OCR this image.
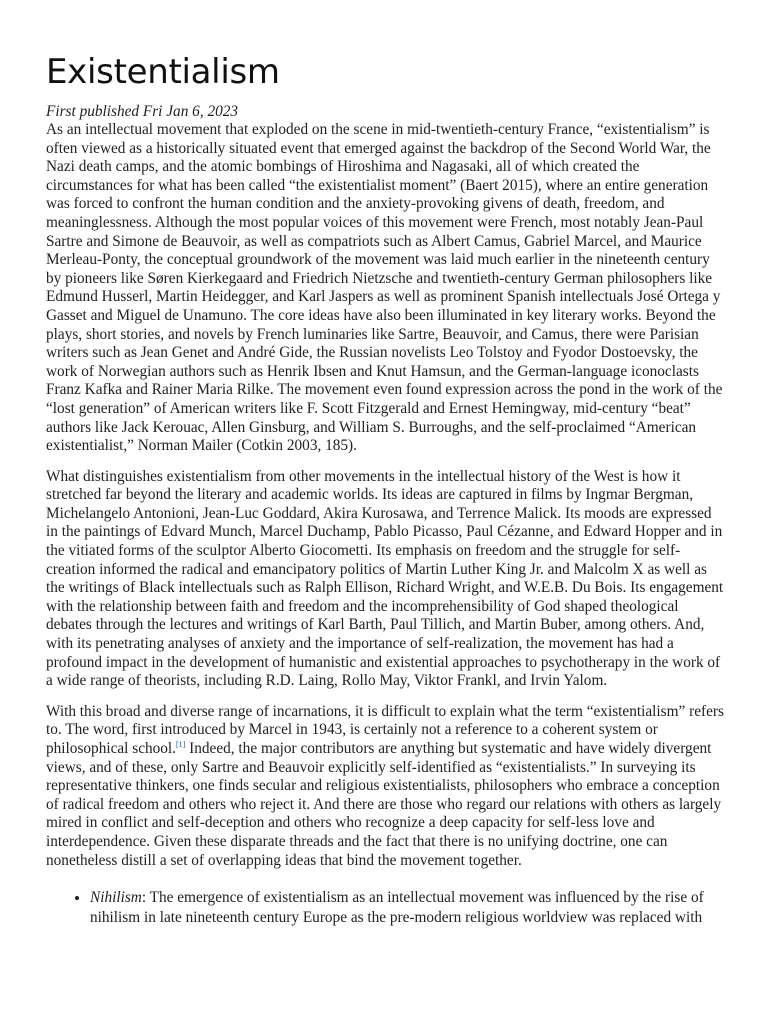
Existentialism

First published Fri Jan 6, 2023

As an intellectual movement that exploded on the scene in mid-twentieth-century France, “existentialism” is often viewed as a historically situated event that emerged against the backdrop of the Second World War, the Nazi death camps, and the atomic bombings of Hiroshima and Nagasaki, all of which created the circumstances for what has been called “the existentialist moment” (Baert 2015), where an entire generation was forced to confront the human condition and the anxiety-provoking givens of death, freedom, and meaninglessness. Although the most popular voices of this movement were French, most notably Jean-Paul Sartre and Simone de Beauvoir, as well as compatriots such as Albert Camus, Gabriel Marcel, and Maurice Merleau-Ponty, the conceptual groundwork of the movement was laid much earlier in the nineteenth century by pioneers like Søren Kierkegaard and Friedrich Nietzsche and twentieth-century German philosophers like Edmund Husserl, Martin Heidegger, and Karl Jaspers as well as prominent Spanish intellectuals José Ortega y Gasset and Miguel de Unamuno. The core ideas have also been illuminated in key literary works. Beyond the plays, short stories, and novels by French luminaries like Sartre, Beauvoir, and Camus, there were Parisian writers such as Jean Genet and André Gide, the Russian novelists Leo Tolstoy and Fyodor Dostoevsky, the work of Norwegian authors such as Henrik Ibsen and Knut Hamsun, and the German-language iconoclasts Franz Kafka and Rainer Maria Rilke. The movement even found expression across the pond in the work of the “lost generation” of American writers like F. Scott Fitzgerald and Ernest Hemingway, mid-century “beat” authors like Jack Kerouac, Allen Ginsburg, and William S. Burroughs, and the self-proclaimed “American existentialist,” Norman Mailer (Cotkin 2003, 185).

What distinguishes existentialism from other movements in the intellectual history of the West is how it stretched far beyond the literary and academic worlds. Its ideas are captured in films by Ingmar Bergman, Michelangelo Antonioni, Jean-Luc Goddard, Akira Kurosawa, and Terrence Malick. Its moods are expressed in the paintings of Edvard Munch, Marcel Duchamp, Pablo Picasso, Paul Cézanne, and Edward Hopper and in the vitiated forms of the sculptor Alberto Giocometti. Its emphasis on freedom and the struggle for self-creation informed the radical and emancipatory politics of Martin Luther King Jr. and Malcolm X as well as the writings of Black intellectuals such as Ralph Ellison, Richard Wright, and W.E.B. Du Bois. Its engagement with the relationship between faith and freedom and the incomprehensibility of God shaped theological debates through the lectures and writings of Karl Barth, Paul Tillich, and Martin Buber, among others. And, with its penetrating analyses of anxiety and the importance of self-realization, the movement has had a profound impact in the development of humanistic and existential approaches to psychotherapy in the work of a wide range of theorists, including R.D. Laing, Rollo May, Viktor Frankl, and Irvin Yalom.

With this broad and diverse range of incarnations, it is difficult to explain what the term “existentialism” refers to. The word, first introduced by Marcel in 1943, is certainly not a reference to a coherent system or philosophical school.[1] Indeed, the major contributors are anything but systematic and have widely divergent views, and of these, only Sartre and Beauvoir explicitly self-identified as “existentialists.” In surveying its representative thinkers, one finds secular and religious existentialists, philosophers who embrace a conception of radical freedom and others who reject it. And there are those who regard our relations with others as largely mired in conflict and self-deception and others who recognize a deep capacity for self-less love and interdependence. Given these disparate threads and the fact that there is no unifying doctrine, one can nonetheless distill a set of overlapping ideas that bind the movement together.

• Nihilism: The emergence of existentialism as an intellectual movement was influenced by the rise of nihilism in late nineteenth century Europe as the pre-modern religious worldview was replaced with
